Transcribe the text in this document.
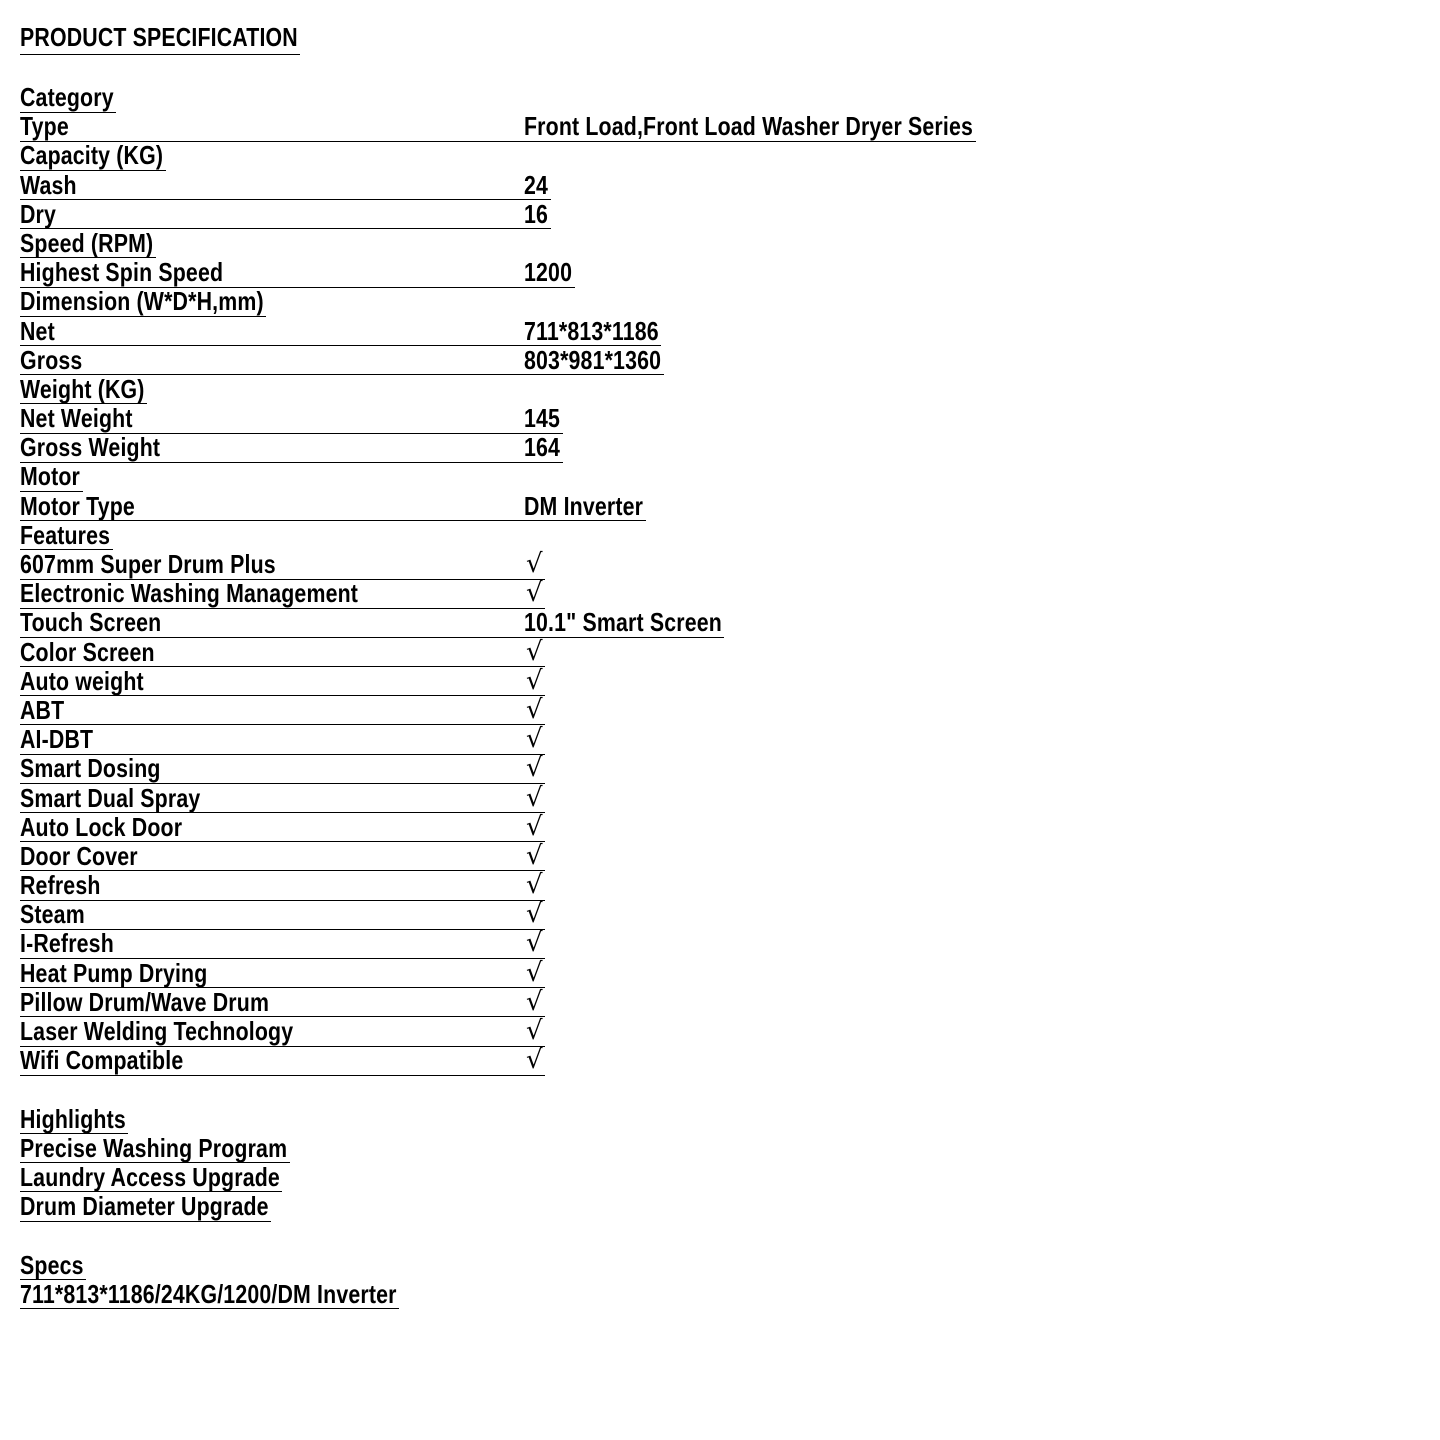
PRODUCT SPECIFICATION
Category
Type	Front Load,Front Load Washer Dryer Series
Capacity (KG)
Wash	24
Dry	16
Speed (RPM)
Highest Spin Speed	1200
Dimension (W*D*H,mm)
Net	711*813*1186
Gross	803*981*1360
Weight (KG)
Net Weight	145
Gross Weight	164
Motor
Motor Type	DM Inverter
Features
607mm Super Drum Plus	√
Electronic Washing Management	√
Touch Screen	10.1" Smart Screen
Color Screen	√
Auto weight	√
ABT	√
AI-DBT	√
Smart Dosing	√
Smart Dual Spray	√
Auto Lock Door	√
Door Cover	√
Refresh	√
Steam	√
I-Refresh	√
Heat Pump Drying	√
Pillow Drum/Wave Drum	√
Laser Welding Technology	√
Wifi Compatible	√
Highlights
Precise Washing Program
Laundry Access Upgrade
Drum Diameter Upgrade
Specs
711*813*1186/24KG/1200/DM Inverter
